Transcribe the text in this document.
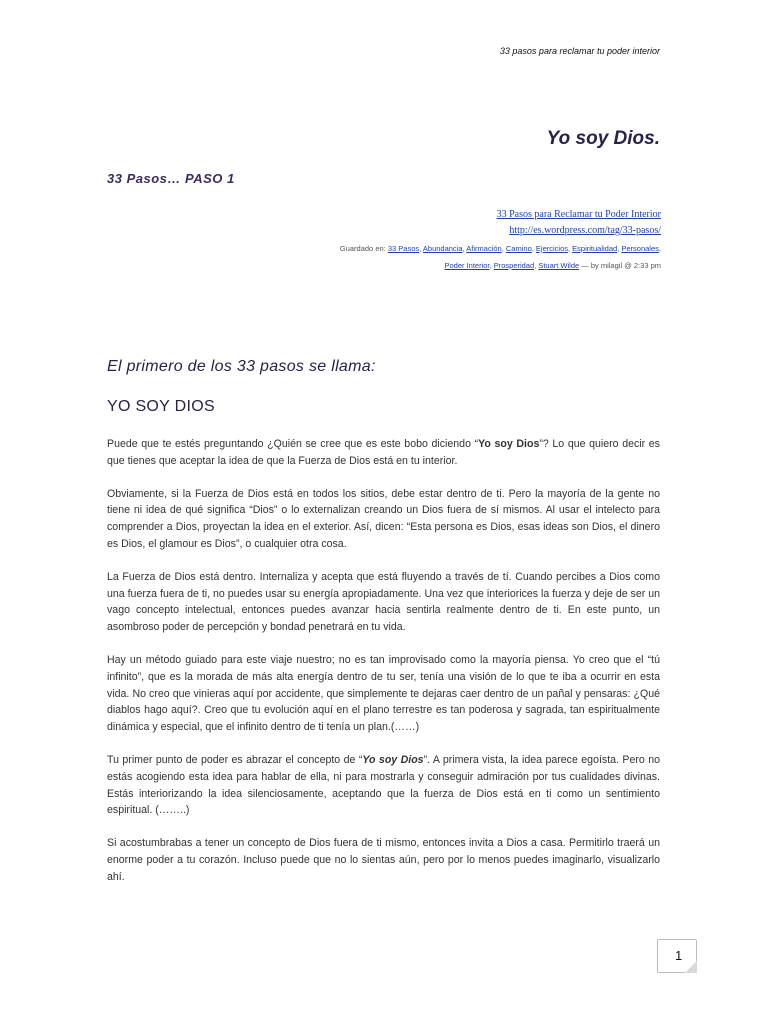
33 pasos para reclamar tu poder interior
Yo soy Dios.
33 Pasos… PASO 1
33 Pasos para Reclamar tu Poder Interior
http://es.wordpress.com/tag/33-pasos/
Guardado en: 33 Pasos, Abundancia, Afirmación, Camino, Ejercicios, Espiritualidad, Personales,
Poder Interior, Prosperidad, Stuart Wilde — by milagil @ 2:33 pm
El primero de los 33 pasos se llama:
YO SOY DIOS

Puede que te estés preguntando ¿Quién se cree que es este bobo diciendo “Yo soy Dios”? Lo que quiero decir es que tienes que aceptar la idea de que la Fuerza de Dios está en tu interior.

Obviamente, si la Fuerza de Dios está en todos los sitios, debe estar dentro de ti. Pero la mayoría de la gente no tiene ni idea de qué significa “Dios” o lo externalizan creando un Dios fuera de sí mismos. Al usar el intelecto para comprender a Dios, proyectan la idea en el exterior. Así, dicen: “Esta persona es Dios, esas ideas son Dios, el dinero es Dios, el glamour es Dios”, o cualquier otra cosa.

La Fuerza de Dios está dentro. Internaliza y acepta que está fluyendo a través de tí. Cuando percibes a Dios como una fuerza fuera de ti, no puedes usar su energía apropiadamente. Una vez que interiorices la fuerza y deje de ser un vago concepto intelectual, entonces puedes avanzar hacia sentirla realmente dentro de ti. En este punto, un asombroso poder de percepción y bondad penetrará en tu vida.

Hay un método guiado para este viaje nuestro; no es tan improvisado como la mayoría piensa. Yo creo que el “tú infinito”, que es la morada de más alta energía dentro de tu ser, tenía una visión de lo que te iba a ocurrir en esta vida. No creo que vinieras aquí por accidente, que simplemente te dejaras caer dentro de un pañal y pensaras: ¿Qué diablos hago aquí?. Creo que tu evolución aquí en el plano terrestre es tan poderosa y sagrada, tan espiritualmente dinámica y especial, que el infinito dentro de ti tenía un plan.(……)

Tu primer punto de poder es abrazar el concepto de “Yo soy Dios”. A primera vista, la idea parece egoísta. Pero no estás acogiendo esta idea para hablar de ella, ni para mostrarla y conseguir admiración por tus cualidades divinas. Estás interiorizando la idea silenciosamente, aceptando que la fuerza de Dios está en ti como un sentimiento espiritual. (……..)

Si acostumbrabas a tener un concepto de Dios fuera de ti mismo, entonces invita a Dios a casa. Permitirlo traerá un enorme poder a tu corazón. Incluso puede que no lo sientas aún, pero por lo menos puedes imaginarlo, visualizarlo ahí.

1
